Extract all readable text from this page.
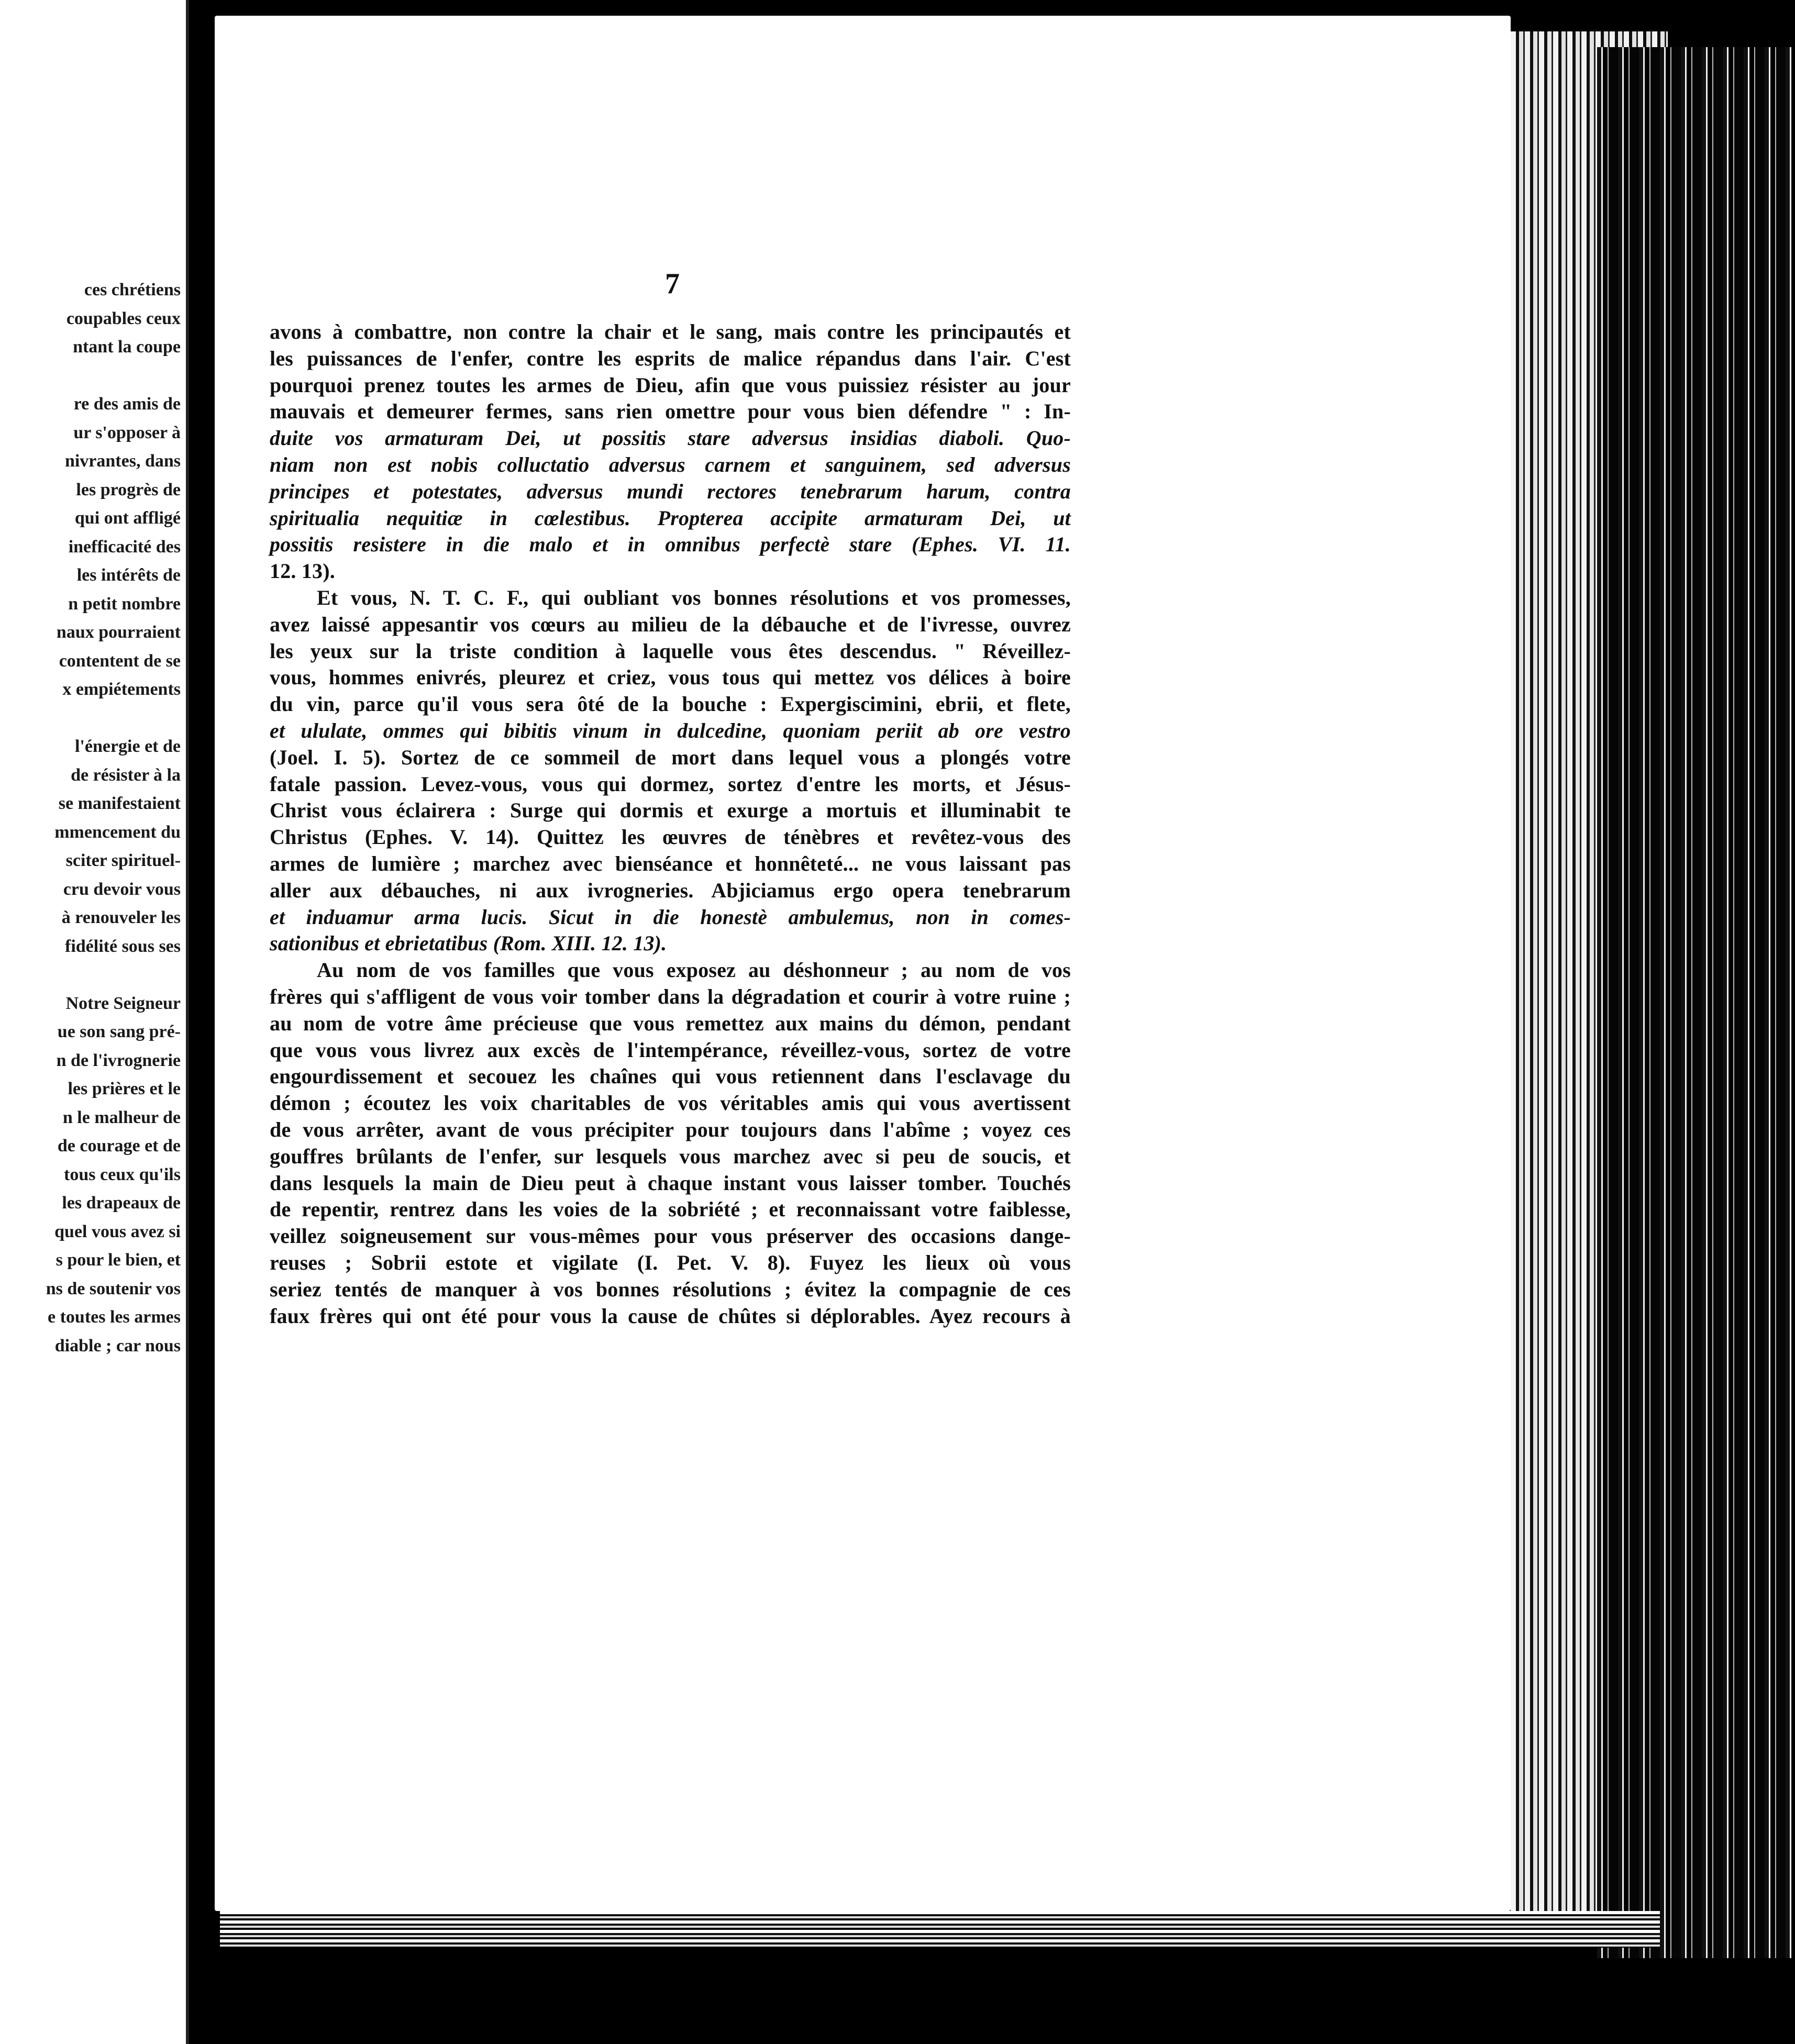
ces chrétiens
coupables ceux
ntant la coupe
re des amis de
ur s'opposer à
nivrantes, dans
les progrès de
qui ont affligé
inefficacité des
les intérêts de
n petit nombre
naux pourraient
contentent de se
x empiétements
l'énergie et de
de résister à la
se manifestaient
mmencement du
sciter spirituel-
cru devoir vous
à renouveler les
fidélité sous ses
Notre Seigneur
ue son sang pré-
n de l'ivrognerie
les prières et le
n le malheur de
de courage et de
tous ceux qu'ils
les drapeaux de
quel vous avez si
s pour le bien, et
ns de soutenir vos
e toutes les armes
diable ; car nous
7
avons à combattre, non contre la chair et le sang, mais contre les principautés et
les puissances de l'enfer, contre les esprits de malice répandus dans l'air. C'est
pourquoi prenez toutes les armes de Dieu, afin que vous puissiez résister au jour
mauvais et demeurer fermes, sans rien omettre pour vous bien défendre " : In-
duite vos armaturam Dei, ut possitis stare adversus insidias diaboli. Quo-
niam non est nobis colluctatio adversus carnem et sanguinem, sed adversus
principes et potestates, adversus mundi rectores tenebrarum harum, contra
spiritualia nequitiæ in cœlestibus. Propterea accipite armaturam Dei, ut
possitis resistere in die malo et in omnibus perfectè stare (Ephes. VI. 11.
12. 13).
Et vous, N. T. C. F., qui oubliant vos bonnes résolutions et vos promesses,
avez laissé appesantir vos cœurs au milieu de la débauche et de l'ivresse, ouvrez
les yeux sur la triste condition à laquelle vous êtes descendus. " Réveillez-
vous, hommes enivrés, pleurez et criez, vous tous qui mettez vos délices à boire
du vin, parce qu'il vous sera ôté de la bouche : Expergiscimini, ebrii, et flete,
et ululate, ommes qui bibitis vinum in dulcedine, quoniam periit ab ore vestro
(Joel. I. 5). Sortez de ce sommeil de mort dans lequel vous a plongés votre
fatale passion. Levez-vous, vous qui dormez, sortez d'entre les morts, et Jésus-
Christ vous éclairera : Surge qui dormis et exurge a mortuis et illuminabit te
Christus (Ephes. V. 14). Quittez les œuvres de ténèbres et revêtez-vous des
armes de lumière ; marchez avec bienséance et honnêteté... ne vous laissant pas
aller aux débauches, ni aux ivrogneries. Abjiciamus ergo opera tenebrarum
et induamur arma lucis. Sicut in die honestè ambulemus, non in comes-
sationibus et ebrietatibus (Rom. XIII. 12. 13).
Au nom de vos familles que vous exposez au déshonneur ; au nom de vos
frères qui s'affligent de vous voir tomber dans la dégradation et courir à votre ruine ;
au nom de votre âme précieuse que vous remettez aux mains du démon, pendant
que vous vous livrez aux excès de l'intempérance, réveillez-vous, sortez de votre
engourdissement et secouez les chaînes qui vous retiennent dans l'esclavage du
démon ; écoutez les voix charitables de vos véritables amis qui vous avertissent
de vous arrêter, avant de vous précipiter pour toujours dans l'abîme ; voyez ces
gouffres brûlants de l'enfer, sur lesquels vous marchez avec si peu de soucis, et
dans lesquels la main de Dieu peut à chaque instant vous laisser tomber. Touchés
de repentir, rentrez dans les voies de la sobriété ; et reconnaissant votre faiblesse,
veillez soigneusement sur vous-mêmes pour vous préserver des occasions dange-
reuses ; Sobrii estote et vigilate (I. Pet. V. 8). Fuyez les lieux où vous
seriez tentés de manquer à vos bonnes résolutions ; évitez la compagnie de ces
faux frères qui ont été pour vous la cause de chûtes si déplorables. Ayez recours à
